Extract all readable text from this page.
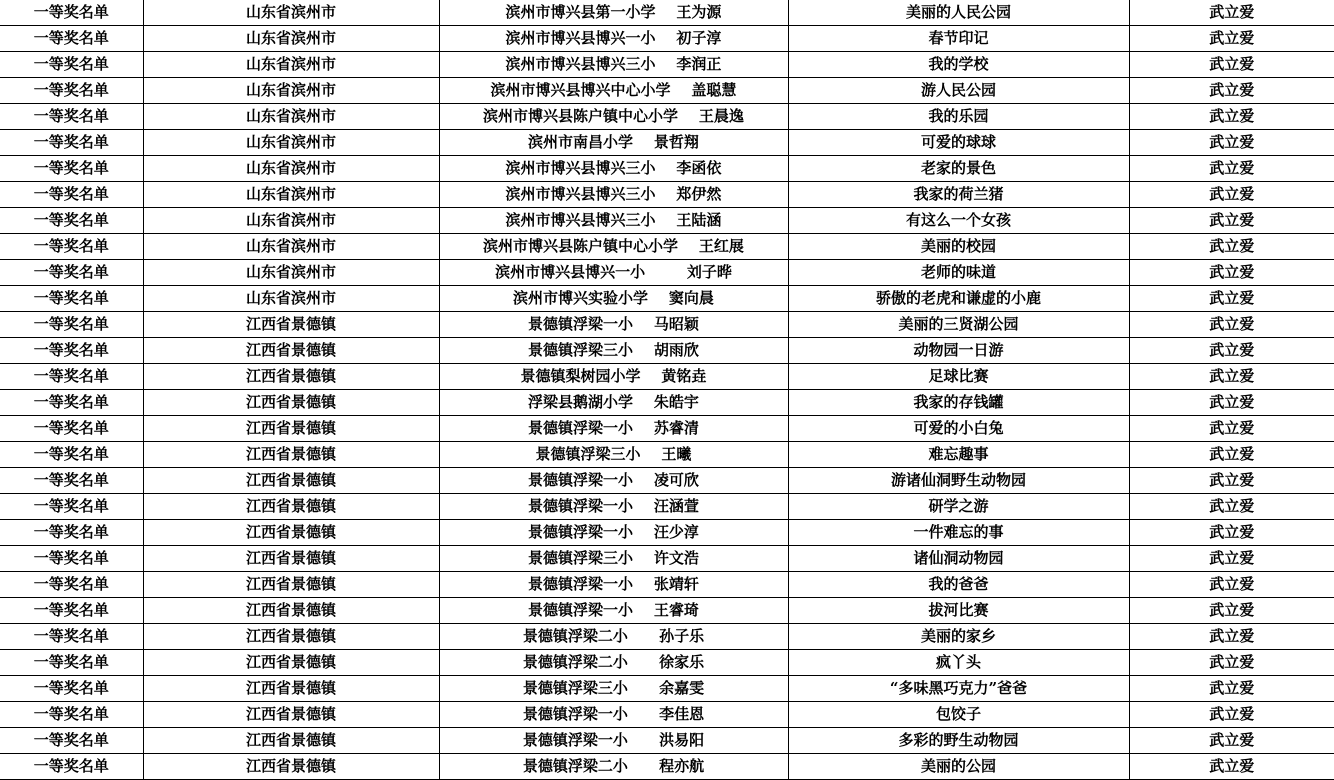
一等奖名单	山东省滨州市	滨州市博兴县第一小学    王为源	美丽的人民公园	武立爱
一等奖名单	山东省滨州市	滨州市博兴县博兴一小    初子淳	春节印记	武立爱
一等奖名单	山东省滨州市	滨州市博兴县博兴三小    李润正	我的学校	武立爱
一等奖名单	山东省滨州市	滨州市博兴县博兴中心小学    盖聪慧	游人民公园	武立爱
一等奖名单	山东省滨州市	滨州市博兴县陈户镇中心小学    王晨逸	我的乐园	武立爱
一等奖名单	山东省滨州市	滨州市南昌小学    景哲翔	可爱的球球	武立爱
一等奖名单	山东省滨州市	滨州市博兴县博兴三小    李函依	老家的景色	武立爱
一等奖名单	山东省滨州市	滨州市博兴县博兴三小    郑伊然	我家的荷兰猪	武立爱
一等奖名单	山东省滨州市	滨州市博兴县博兴三小    王陆涵	有这么一个女孩	武立爱
一等奖名单	山东省滨州市	滨州市博兴县陈户镇中心小学    王红展	美丽的校园	武立爱
一等奖名单	山东省滨州市	滨州市博兴县博兴一小        刘子晔	老师的味道	武立爱
一等奖名单	山东省滨州市	滨州市博兴实验小学    窦向晨	骄傲的老虎和谦虚的小鹿	武立爱
一等奖名单	江西省景德镇	景德镇浮梁一小    马昭颖	美丽的三贤湖公园	武立爱
一等奖名单	江西省景德镇	景德镇浮梁三小    胡雨欣	动物园一日游	武立爱
一等奖名单	江西省景德镇	景德镇梨树园小学    黄铭垚	足球比赛	武立爱
一等奖名单	江西省景德镇	浮梁县鹅湖小学    朱皓宇	我家的存钱罐	武立爱
一等奖名单	江西省景德镇	景德镇浮梁一小    苏睿清	可爱的小白兔	武立爱
一等奖名单	江西省景德镇	景德镇浮梁三小    王曦	难忘趣事	武立爱
一等奖名单	江西省景德镇	景德镇浮梁一小    凌可欣	游诸仙洞野生动物园	武立爱
一等奖名单	江西省景德镇	景德镇浮梁一小    汪涵萱	研学之游	武立爱
一等奖名单	江西省景德镇	景德镇浮梁一小    汪少淳	一件难忘的事	武立爱
一等奖名单	江西省景德镇	景德镇浮梁三小    许文浩	诸仙洞动物园	武立爱
一等奖名单	江西省景德镇	景德镇浮梁一小    张靖轩	我的爸爸	武立爱
一等奖名单	江西省景德镇	景德镇浮梁一小    王睿琦	拔河比赛	武立爱
一等奖名单	江西省景德镇	景德镇浮梁二小      孙子乐	美丽的家乡	武立爱
一等奖名单	江西省景德镇	景德镇浮梁二小      徐家乐	疯丫头	武立爱
一等奖名单	江西省景德镇	景德镇浮梁三小      余嘉雯	“多味黑巧克力”爸爸	武立爱
一等奖名单	江西省景德镇	景德镇浮梁一小      李佳恩	包饺子	武立爱
一等奖名单	江西省景德镇	景德镇浮梁一小      洪易阳	多彩的野生动物园	武立爱
一等奖名单	江西省景德镇	景德镇浮梁二小      程亦航	美丽的公园	武立爱
